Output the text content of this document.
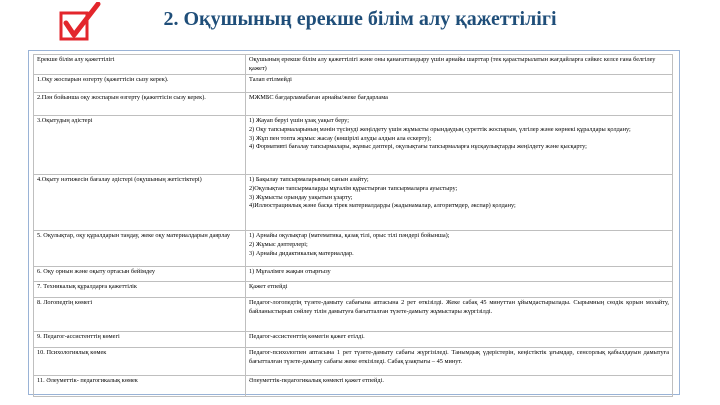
2. Оқушының ерекше білім алу қажеттілігі
Ерекше білім алу қажеттілігі	Оқушының ерекше білім алу қажеттілігі және оны қанағаттандыру үшін арнайы шарттар (тек қарастырылатын жағдайларға сәйкес келсе ғана белгілеу қажет)
1.Оқу жоспарын өзгерту (қажеттісін сызу керек).	Талап етілмейді

2.Пән бойынша оқу жоспарын өзгерту (қажеттісін сызу керек).	МЖМБС бағдарламабаған арнайы/жеке бағдарлама

3.Оқытудың әдістері	1) Жауап беруі үшін ұзақ уақыт беру;
2) Оқу тапсырмаларының мәнін түсінуді жеңілдету үшін жұмысты орындаудың суреттік жоспарын, үлгілер және көрнекі құралдары қолдану;
3) Жұп пен топта жұмыс жасау (көшірілі алуды алдын ала ескерту);
4) Формативті бағалау тапсырмалары, жұмыс дәптері, оқулықтағы тапсырмаларға нұсқаулықтарды жеңілдету және қысқарту;

4.Оқыту нәтижесін бағалау әдістері (оқушының жетістіктері)	1) Бақылау тапсырмаларының санын азайту;
2)Оқулықтан тапсырмаларды мұғалім құрастырған тапсырмаларға ауыстыру;
3) Жұмысты орындау уақытын ұзарту;
4)Иллюстрациялық және басқа тірек материалдарды (жадынамалар, алгоритмдер, әкспар) қолдану;

5. Оқулықтар, оқу құралдарын таңдау, жеке оқу материалдарын даярлау	1) Арнайы оқулықтар (математика, қазақ тілі, орыс тілі пәндері бойынша);
2) Жұмыс дәптерлері;
3) Арнайы дидактикалық материалдар.

6. Оқу орнын және оқыту ортасын бейімдеу	1) Мұғалімге жақын отырғызу

7. Техникалық құралдарға қажеттілік	Қажет етпейді

8. Логопедтің көмегі	Педагог-логопедтің түзете-дамыту сабағына аптасына 2 рет өткізілді. Жеке сабақ 45 минуттан ұйымдастырылады. Сырымның сөздік қорын молайту, байланыстырып сөйлеу тілін дамытуға бағытталған түзете-дамыту жұмыстары жүргізілді.

9. Педагог-ассистенттің көмегі	Педагог-ассистенттің көмегін қажет етілді.

10. Психологиялық көмек	Педагог-психологпен аптасына 1 рет түзете-дамыту сабағы жүргізіледі. Танымдық үдерістерін, кеңістіктік ұғымдар, сенсорлық қабылдауын дамытуға бағытталған түзете-дамыту сабағы жеке өткізіледі. Сабақ ұзақтығы – 45 минут.

11. Әлеуметтік- педагогикалық көмек	Әлеуметтік-педагогикалық көмекті қажет етпейді.
